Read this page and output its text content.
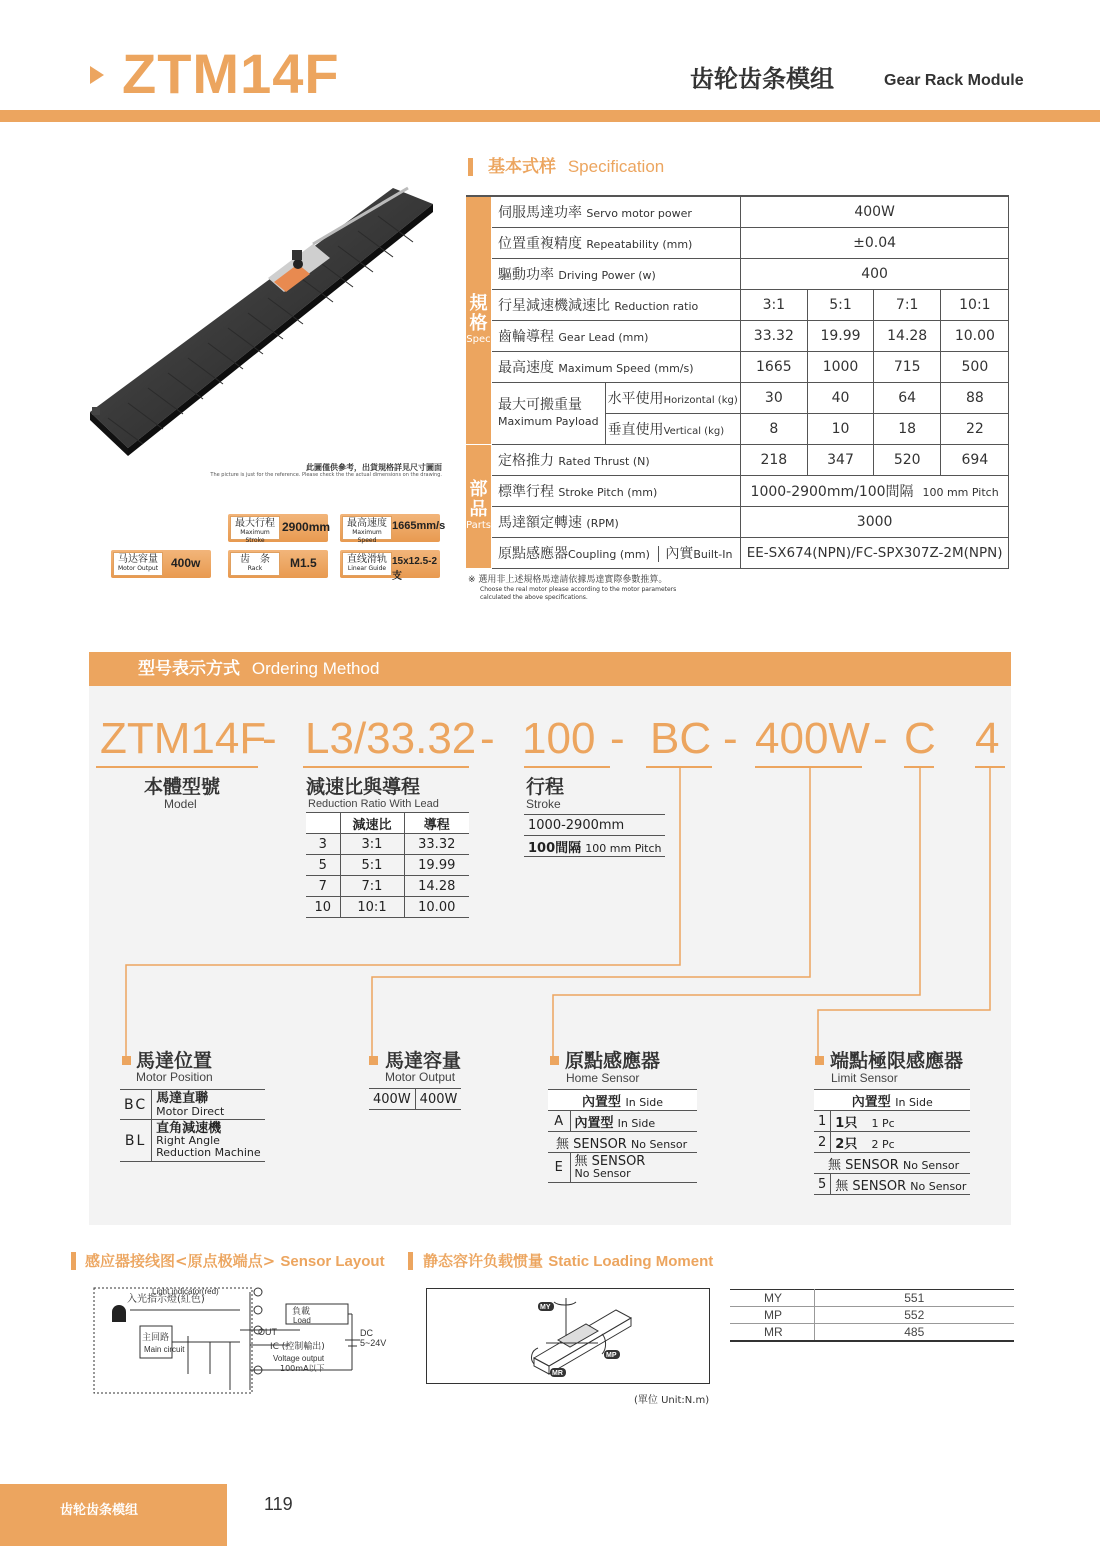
ZTM14F	齿轮齿条模组	Gear Rack Module
此圖僅供參考，出貨規格詳見尺寸圖面
The picture is just for the reference. Please check the the actual dimensions on the drawing.
最大行程
Maximum Stroke
2900mm	最高速度
Maximum Speed
1665mm/s
马达容量
Motor Output 400w	齿　条
Rack	M1.5	直线滑轨
Linear Guide
15x12.5-2支
基本式样 Specification
規
格
Spec	伺服馬達功率 Servo motor power		400W			
	位置重複精度 Repeatability (mm)		±0.04			
	驅動功率 Driving Power (w)		400			
	行星減速機減速比 Reduction ratio		3:1	5:1	7:1	10:1
	齒輪導程 Gear Lead (mm)		33.32	19.99	14.28	10.00
	最高速度 Maximum Speed (mm/s)		1665	1000	715	500
	最大可搬重量
Maximum Payload	水平使用Horizontal (kg)	30	40	64	88
		垂直使用Vertical (kg)	8	10	18	22
部
品
Parts	定格推力 Rated Thrust (N)		218	347	520	694
	標準行程 Stroke Pitch (mm)		1000-2900mm/100間隔 100 mm Pitch			
	馬達額定轉速 (RPM)		3000			
	原點感應器Coupling (mm) 內實Built-In		EE-SX674(NPN)/FC-SPX307Z-2M(NPN)			
※ 選用非上述規格馬達請依據馬達實際參數推算。
Choose the real motor please according to the motor parameters
calculated the above specifications.
型号表示方式 Ordering Method
ZTM14F
- L3/33.32 - 100 - BC - 400W - C 4
本體型號
Model
減速比與導程
Reduction Ratio With Lead
	減速比	導程
3	3:1	33.32
5	5:1	19.99
7	7:1	14.28
10	10:1	10.00
行程
Stroke
1000-2900mm
100間隔 100 mm Pitch
馬達位置
Motor Position
BC	馬達直聯
Motor Direct
BL	直角減速機
Right Angle
Reduction Machine
馬達容量
Motor Output
400W	400W
原點感應器
Home Sensor
內置型 In Side	
A	內置型 In Side
無 SENSOR No Sensor	
E	無 SENSOR
No Sensor
端點極限感應器
Limit Sensor
內置型 In Side	
1	1只 1 Pc
2	2只 2 Pc
無 SENSOR No Sensor	
5	無 SENSOR No Sensor
感应器接线图<原点极端点> Sensor Layout
入光指示燈(紅色)
Light indicator(red)
主回路
Main circuit
負載
Load
OUT
IC (控制輸出)
Voltage output
100mA以下
DC
5~24V
静态容许负载惯量 Static Loading Moment
MY
MP
MR
(單位 Unit:N.m)
MY	551
MP	552
MR	485
齿轮齿条模组	119
